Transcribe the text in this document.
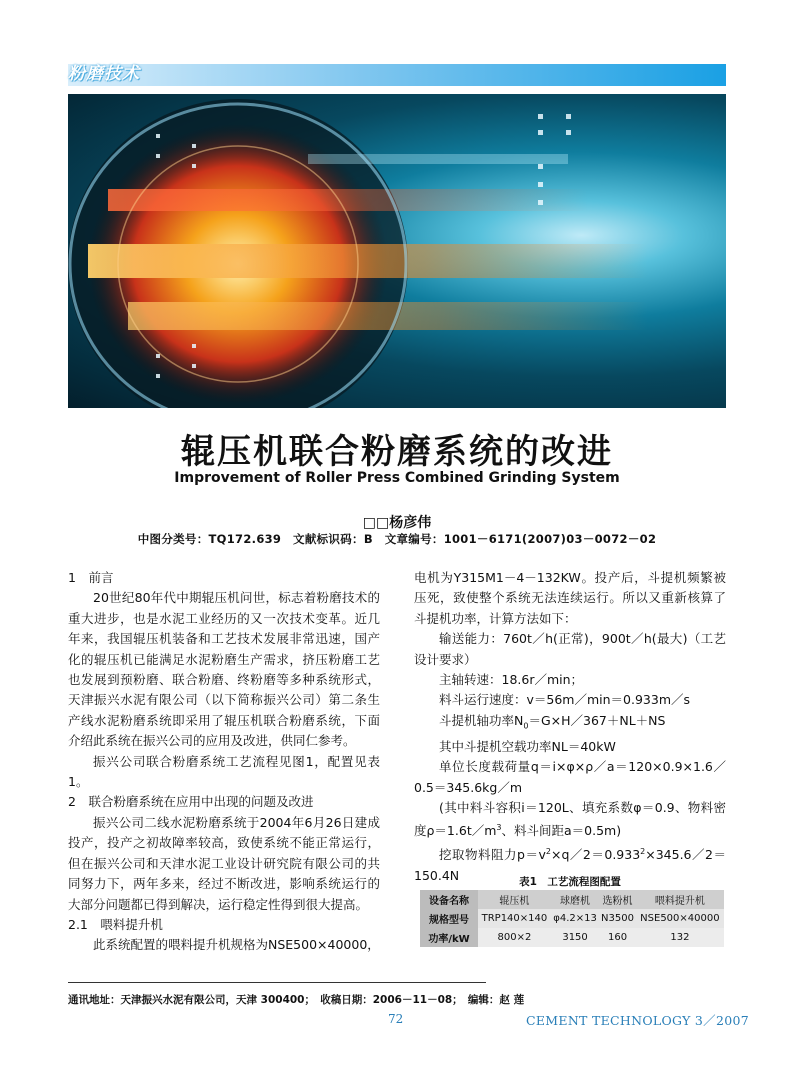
粉磨技术
辊压机联合粉磨系统的改进
Improvement of Roller Press Combined Grinding System
□□杨彦伟
中图分类号：TQ172.639　文献标识码：B　文章编号：1001－6171(2007)03－0072－02

1　前言

20世纪80年代中期辊压机问世，标志着粉磨技术的重大进步，也是水泥工业经历的又一次技术变革。近几年来，我国辊压机装备和工艺技术发展非常迅速，国产化的辊压机已能满足水泥粉磨生产需求，挤压粉磨工艺也发展到预粉磨、联合粉磨、终粉磨等多种系统形式，天津振兴水泥有限公司（以下简称振兴公司）第二条生产线水泥粉磨系统即采用了辊压机联合粉磨系统，下面介绍此系统在振兴公司的应用及改进，供同仁参考。

振兴公司联合粉磨系统工艺流程见图1，配置见表1。

2　联合粉磨系统在应用中出现的问题及改进

振兴公司二线水泥粉磨系统于2004年6月26日建成投产，投产之初故障率较高，致使系统不能正常运行，但在振兴公司和天津水泥工业设计研究院有限公司的共同努力下，两年多来，经过不断改进，影响系统运行的大部分问题都已得到解决，运行稳定性得到很大提高。

2.1　喂料提升机

此系统配置的喂料提升机规格为NSE500×40000，

电机为Y315M1－4－132KW。投产后，斗提机频繁被压死，致使整个系统无法连续运行。所以又重新核算了斗提机功率，计算方法如下：

输送能力：760t／h(正常)，900t／h(最大)（工艺设计要求）

主轴转速：18.6r／min；

料斗运行速度：v＝56m／min＝0.933m／s

斗提机轴功率$N_0=G\times H/367+NL+NS$

其中斗提机空载功率NL＝40kW

单位长度载荷量q＝i×φ×ρ／a＝120×0.9×1.6／0.5＝345.6kg／m

(其中料斗容积i＝120L、填充系数φ＝0.9、物料密度$\rho=1.6t/m^3$、料斗间距a＝0.5m)

挖取物料阻力$p=v^2\times q/2=0.933^2\times 345.6/2=150.4N$	表1　工艺流程图配置
设备名称	辊压机	球磨机	选粉机	喂料提升机
规格型号	TRP140×140	φ4.2×13	N3500	NSE500×40000
功率/kW	800×2	3150	160	132
通讯地址：天津振兴水泥有限公司，天津 300400；　收稿日期：2006－11－08；　编辑：赵 莲
72	CEMENT TECHNOLOGY 3／2007
